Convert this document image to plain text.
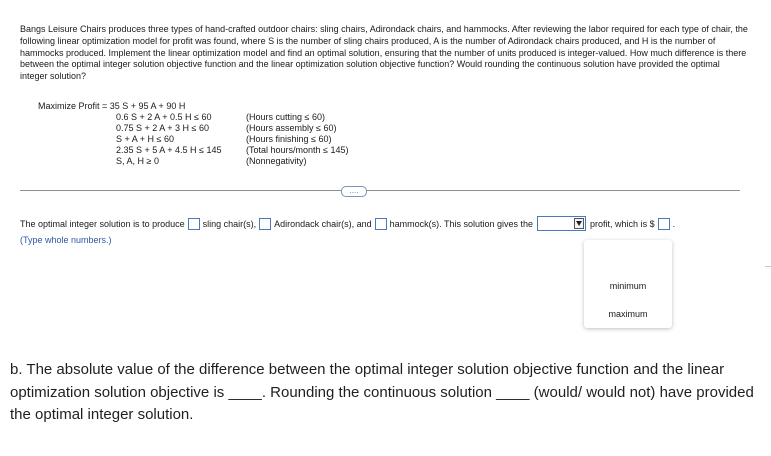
Bangs Leisure Chairs produces three types of hand-crafted outdoor chairs: sling chairs, Adirondack chairs, and hammocks. After reviewing the labor required for each type of chair, the following linear optimization model for profit was found, where S is the number of sling chairs produced, A is the number of Adirondack chairs produced, and H is the number of hammocks produced. Implement the linear optimization model and find an optimal solution, ensuring that the number of units produced is integer-valued. How much difference is there between the optimal integer solution objective function and the linear optimization solution objective function? Would rounding the continuous solution have provided the optimal integer solution?
Maximize Profit = 35 S + 95 A + 90 H
0.6 S + 2 A + 0.5 H ≤ 60	(Hours cutting ≤ 60)
0.75 S + 2 A + 3 H ≤ 60	(Hours assembly ≤ 60)
S + A + H ≤ 60	(Hours finishing ≤ 60)
2.35 S + 5 A + 4.5 H ≤ 145	(Total hours/month ≤ 145)
S, A, H ≥ 0	(Nonnegativity)
....
The optimal integer solution is to produce sling chair(s), Adirondack chair(s), and hammock(s). This solution gives the	profit, which is $ .
(Type whole numbers.)
minimum
maximum
b. The absolute value of the difference between the optimal integer solution objective function and the linear optimization solution objective is ____. Rounding the continuous solution ____ (would/ would not) have provided the optimal integer solution.
